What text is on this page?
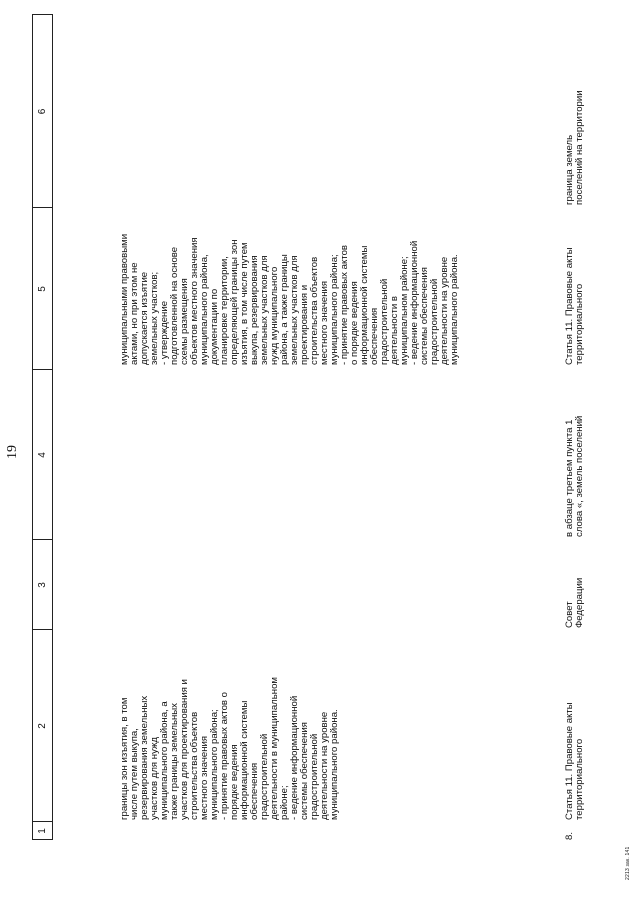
19
1
2
3
4
5
6
границы зон изъятия, в том
числе путем выкупа,
резервирования земельных
участков для нужд
муниципального района, а
также границы земельных
участков для проектирования и
строительства объектов
местного значения
муниципального района;
- принятие правовых актов о
порядке ведения
информационной системы
обеспечения
градостроительной
деятельности в муниципальном
районе;
- ведение информационной
системы обеспечения
градостроительной
деятельности на уровне
муниципального района.
муниципальными правовыми
актами, но при этом не
допускается изъятие
земельных участков;
- утверждение
подготовленной на основе
схемы размещения
объектов местного значения
муниципального района,
документации по
планировке территории,
определяющей границы зон
изъятия, в том числе путем
выкупа, резервирования
земельных участков для
нужд муниципального
района, а также границы
земельных участков для
проектирования и
строительства объектов
местного значения
муниципального района;
- принятие правовых актов
о порядке ведения
информационной системы
обеспечения
градостроительной
деятельности в
муниципальном районе;
- ведение информационной
системы обеспечения
градостроительной
деятельности на уровне
муниципального района.
8.
Статья 11. Правовые акты
территориального
Совет
Федерации
в абзаце третьем пункта 1
слова «, земель поселений
Статья 11. Правовые акты
территориального
граница земель
поселений на территории
2213 зак. 141
